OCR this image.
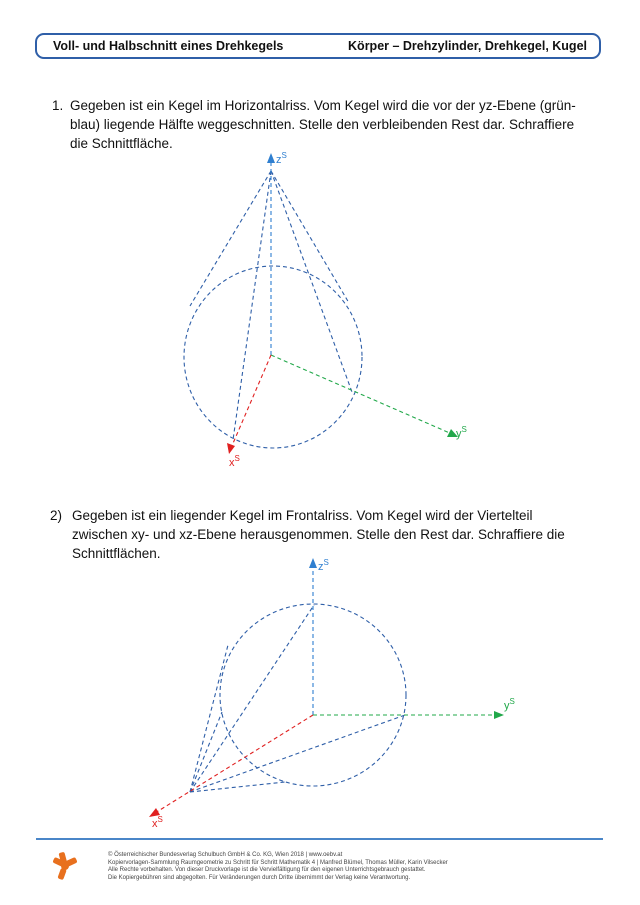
Voll- und Halbschnitt eines Drehkegels	Körper – Drehzylinder, Drehkegel, Kugel
1. Gegeben ist ein Kegel im Horizontalriss. Vom Kegel wird die vor der yz-Ebene (grün-blau) liegende Hälfte weggeschnitten. Stelle den verbleibenden Rest dar. Schraffiere die Schnittfläche.
2) Gegeben ist ein liegender Kegel im Frontalriss. Vom Kegel wird der Viertelteil zwischen xy- und xz-Ebene herausgenommen. Stelle den Rest dar. Schraffiere die Schnittflächen.
$z^S$
$y^S$
$x^S$
$z^S$
$y^S$
$x^S$
© Österreichischer Bundesverlag Schulbuch GmbH & Co. KG, Wien 2018 | www.oebv.at
Kopiervorlagen-Sammlung Raumgeometrie zu Schritt für Schritt Mathematik 4 | Manfred Blümel, Thomas Müller, Karin Vilsecker
Alle Rechte vorbehalten. Von dieser Druckvorlage ist die Vervielfältigung für den eigenen Unterrichtsgebrauch gestattet.
Die Kopiergebühren sind abgegolten. Für Veränderungen durch Dritte übernimmt der Verlag keine Verantwortung.
